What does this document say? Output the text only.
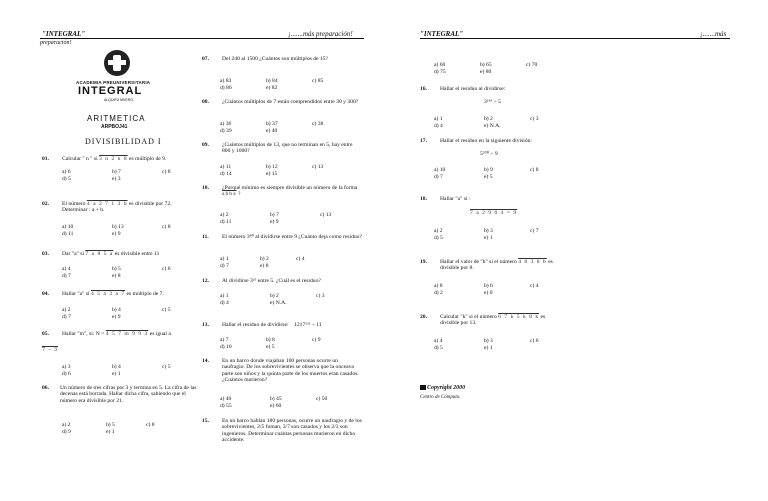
"INTEGRAL"	¡.......más preparación!
preparación!
"INTEGRAL"	¡.......más
ACADEMIA PREUNIVERSITARIA
INTEGRAL
ALQUIFU MVERO
ARITMETICA
ARPBOJ41
DIVISIBILIDAD I
01. Calcular " n " si 3 n 2 n 8 es múltiplo de 9.
a) 6	b) 7	c) 8
d) 5	e) 3
02. El número 4 a 2 7 1 3 b es divisible por 72.
Determinar : a + b.
a) 10	b) 13	c) 8
d) 11	e) 9
03. Dar "a" si 7 a 8 5 a es divisible entre 11
a) 4	b) 5	c) 6
d) 7	e) 8
04. Hallar "a" si 4 5 a 3 a 7 es múltiplo de 7.
a) 2	b) 4	c) 5
d) 7	e) 9
05. Hallar "m", si: N = 4 5 7 m 9 9 3 es igual a
7 - 3
a) 3	b) 4	c) 5
d) 6	e) 1
06. Un número de tres cifras por 3 y termina en 5. La cifra de las decenas está borrada. Hallar dicha cifra, sabiendo que el número era divisible por 21.
a) 2	b) 5	c) 8
d) 9	e) 1
07. Del 240 al 1500 ¿Cuántos son múltiplos de 15?
a) 83	b) 84	c) 85
d) 86	e) 82
08. ¿Cuántos múltiplos de 7 están comprendidos entre 30 y 300?
a) 36	b) 37	c) 38
d) 39	e) 40
09. ¿Cuántos múltiplos de 13, que no terminan en 5, hay entre 800 y 1000?
a) 11	b) 12	c) 13
d) 14	e) 15
10. ¿Porqué mínimo es siempre divisible un número de la forma abba ?
a) 2	b) 7	c) 13
d) 11	e) 9
11. El número 3⁸⁰ al dividirse entre 9 ¿Cuánto deja como residuo?
a) 1	b) 2	c) 4
d) 7	e) 8
12. Al dividirse 3²⁵ entre 5. ¿Cuál es el residuo?
a) 1	b) 2	c) 3
d) 4	e) N.A.
13. Hallar el residuo de dividirse: 1217¹²¹ ÷ 11
a) 7	b) 8	c) 9
d) 10	e) 5
14. En un barco donde viajaban 100 personas ocurre un naufragio. De los sobrevivientes se observa que la onceava parte son niños y la quinta parte de los muertos eran casados. ¿Cuántos murieron?
a) 40	b) 45	c) 50
d) 55	e) 60
15. En un barco habían 180 personas, ocurre un naufragio y de los sobrevivientes, 2/5 fuman, 3/7 son casados y los 2/3 son ingenieros. Determinar cuántas personas murieron en dicho accidente.
a) 60	b) 65	c) 70
d) 75	e) 80
16. Hallar el residuo al dividirse:
3²¹⁹ ÷ 5
a) 1	b) 2	c) 3
d) 4	e) N.A.
17. Hallar el residuo en la siguiente división:
5²⁰⁰ ÷ 9
a) 10	b) 9	c) 8
d) 7	e) 5
18. Hallar "a" si :
7 a 2 9 0 4 = 9
a) 2	b) 3	c) 7
d) 5	e) 1
19. Hallar el valor de "b" si el número 4 8 3 8 b es
divisible por 8.
a) 8	b) 6	c) 4
d) 2	e) 0
20. Calcular "k" si el número 6 7 k 5 k 8 k es
divisible por 13.
a) 4	b) 3	c) 6
d) 5	e) 1
Copyright 2000
Centro de Cómputo.
